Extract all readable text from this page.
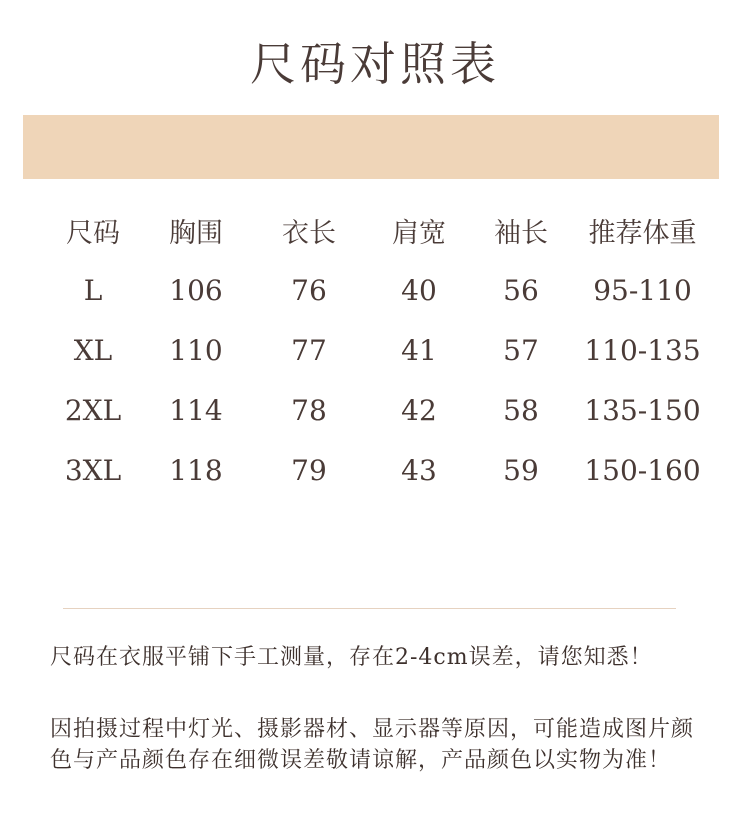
尺码对照表
尺码	胸围	衣长	肩宽	袖长	推荐体重
L	106	76	40	56	95-110
XL	110	77	41	57	110-135
2XL	114	78	42	58	135-150
3XL	118	79	43	59	150-160
尺码在衣服平铺下手工测量，存在2-4cm误差，请您知悉！
因拍摄过程中灯光、摄影器材、显示器等原因，可能造成图片颜色与产品颜色存在细微误差敬请谅解，产品颜色以实物为准！
